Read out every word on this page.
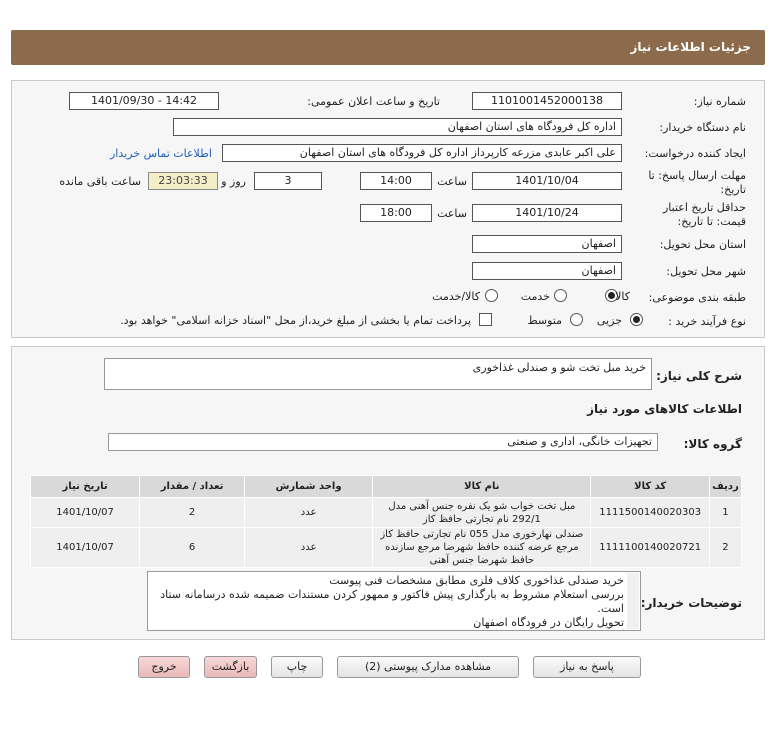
جزئیات اطلاعات نیاز
شماره نیاز:
1101001452000138
تاریخ و ساعت اعلان عمومی:
1401/09/30 - 14:42
نام دستگاه خریدار:
اداره کل فرودگاه های استان اصفهان
ایجاد کننده درخواست:
علی اکبر عابدی مزرعه کارپرداز اداره کل فرودگاه های استان اصفهان
اطلاعات تماس خریدار
مهلت ارسال پاسخ: تا
تاریخ:
1401/10/04
ساعت
14:00
3
روز و
23:03:33
ساعت باقی مانده
حداقل تاریخ اعتبار
قیمت: تا تاریخ:
1401/10/24
ساعت
18:00
استان محل تحویل:
اصفهان
شهر محل تحویل:
اصفهان
طبقه بندی موضوعی:
کالا
خدمت
کالا/خدمت
نوع فرآیند خرید :
جزیی
متوسط
پرداخت تمام یا بخشی از مبلغ خرید،از محل "اسناد خزانه اسلامی" خواهد بود.
شرح کلی نیاز:
خرید مبل تخت شو و صندلی غذاخوری
اطلاعات کالاهای مورد نیاز
گروه کالا:
تجهیزات خانگی، اداری و صنعتی
ردیف	کد کالا	نام کالا	واحد شمارش	تعداد / مقدار	تاریخ نیاز
1	1111500140020303	مبل تخت خواب شو یک نفره جنس آهنی مدل 292/1 نام تجارتی حافظ کاز	عدد	2	1401/10/07
2	1111100140020721	صندلی نهارخوری مدل 055 نام تجارتی حافظ کاز مرجع عرضه کننده حافظ شهرضا مرجع سازنده حافظ شهرضا جنس آهنی	عدد	6	1401/10/07
توضیحات خریدار:
خرید صندلی غذاخوری کلاف فلزی مطابق مشخصات فنی پیوست
بررسی استعلام مشروط به بارگذاری پیش فاکتور و ممهور کردن مستندات ضمیمه شده درسامانه ستاد است.
تحویل رایگان در فرودگاه اصفهان
پاسخ به نیاز
مشاهده مدارک پیوستی (2)
چاپ
بازگشت
خروج
